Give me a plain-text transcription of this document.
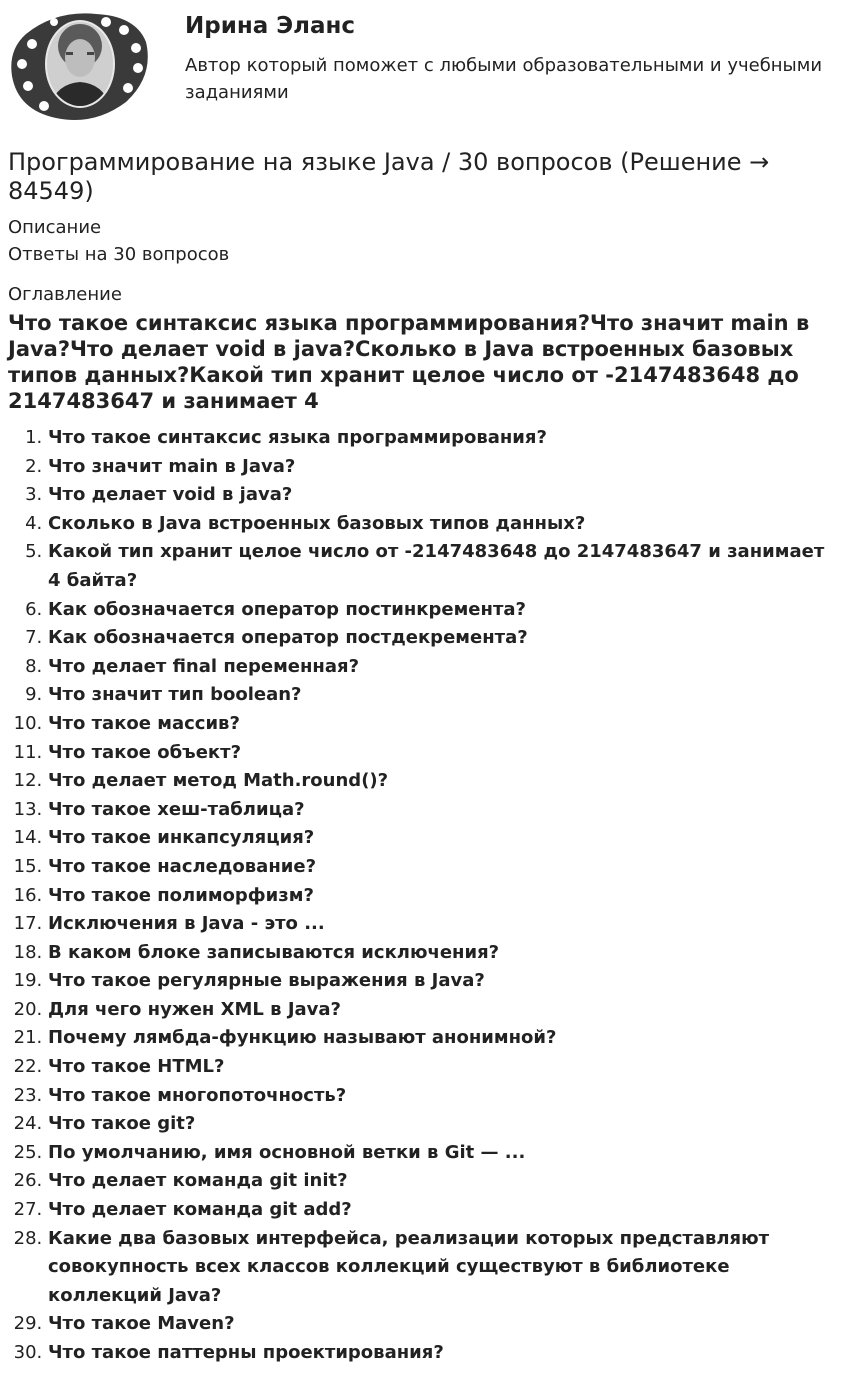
Ирина Эланс

Автор который поможет с любыми образовательными и учебными заданиями

Программирование на языке Java / 30 вопросов (Решение → 84549)
Описание

Ответы на 30 вопросов

Оглавление
Что такое синтаксис языка программирования?Что значит main в Java?Что делает void в java?Сколько в Java встроенных базовых типов данных?Какой тип хранит целое число от -2147483648 до 2147483647 и занимает 4
1. Что такое синтаксис языка программирования?
2. Что значит main в Java?
3. Что делает void в java?
4. Сколько в Java встроенных базовых типов данных?
5. Какой тип хранит целое число от -2147483648 до 2147483647 и занимает 4 байта?
6. Как обозначается оператор постинкремента?
7. Как обозначается оператор постдекремента?
8. Что делает final переменная?
9. Что значит тип boolean?
10. Что такое массив?
11. Что такое объект?
12. Что делает метод Math.round()?
13. Что такое хеш-таблица?
14. Что такое инкапсуляция?
15. Что такое наследование?
16. Что такое полиморфизм?
17. Исключения в Java - это ...
18. В каком блоке записываются исключения?
19. Что такое регулярные выражения в Java?
20. Для чего нужен XML в Java?
21. Почему лямбда-функцию называют анонимной?
22. Что такое HTML?
23. Что такое многопоточность?
24. Что такое git?
25. По умолчанию, имя основной ветки в Git — ...
26. Что делает команда git init?
27. Что делает команда git add?
28. Какие два базовых интерфейса, реализации которых представляют совокупность всех классов коллекций существуют в библиотеке коллекций Java?
29. Что такое Maven?
30. Что такое паттерны проектирования?
